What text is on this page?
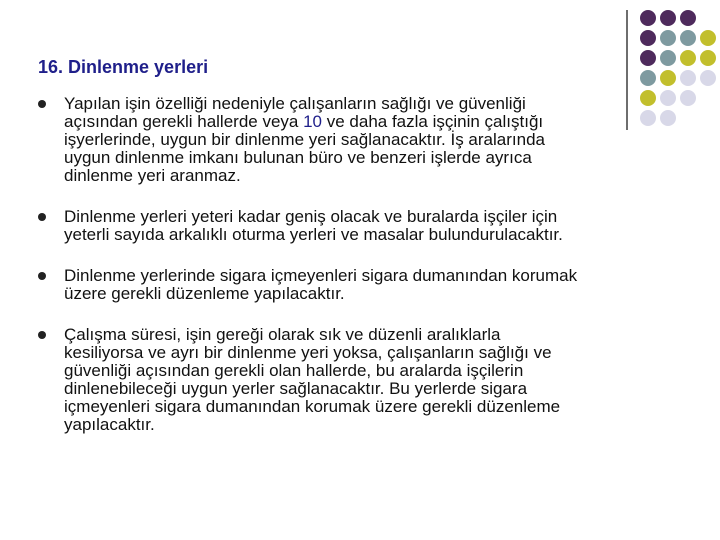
16. Dinlenme yerleri
Yapılan işin özelliği nedeniyle çalışanların sağlığı ve güvenliği
açısından gerekli hallerde veya 10 ve daha fazla işçinin çalıştığı
işyerlerinde, uygun bir dinlenme yeri sağlanacaktır. İş aralarında
uygun dinlenme imkanı bulunan büro ve benzeri işlerde ayrıca
dinlenme yeri aranmaz.
Dinlenme yerleri yeteri kadar geniş olacak ve buralarda işçiler için
yeterli sayıda arkalıklı oturma yerleri ve masalar bulundurulacaktır.
Dinlenme yerlerinde sigara içmeyenleri sigara dumanından korumak
üzere gerekli düzenleme yapılacaktır.
Çalışma süresi, işin gereği olarak sık ve düzenli aralıklarla
kesiliyorsa ve ayrı bir dinlenme yeri yoksa, çalışanların sağlığı ve
güvenliği açısından gerekli olan hallerde, bu aralarda işçilerin
dinlenebileceği uygun yerler sağlanacaktır. Bu yerlerde sigara
içmeyenleri sigara dumanından korumak üzere gerekli düzenleme
yapılacaktır.
